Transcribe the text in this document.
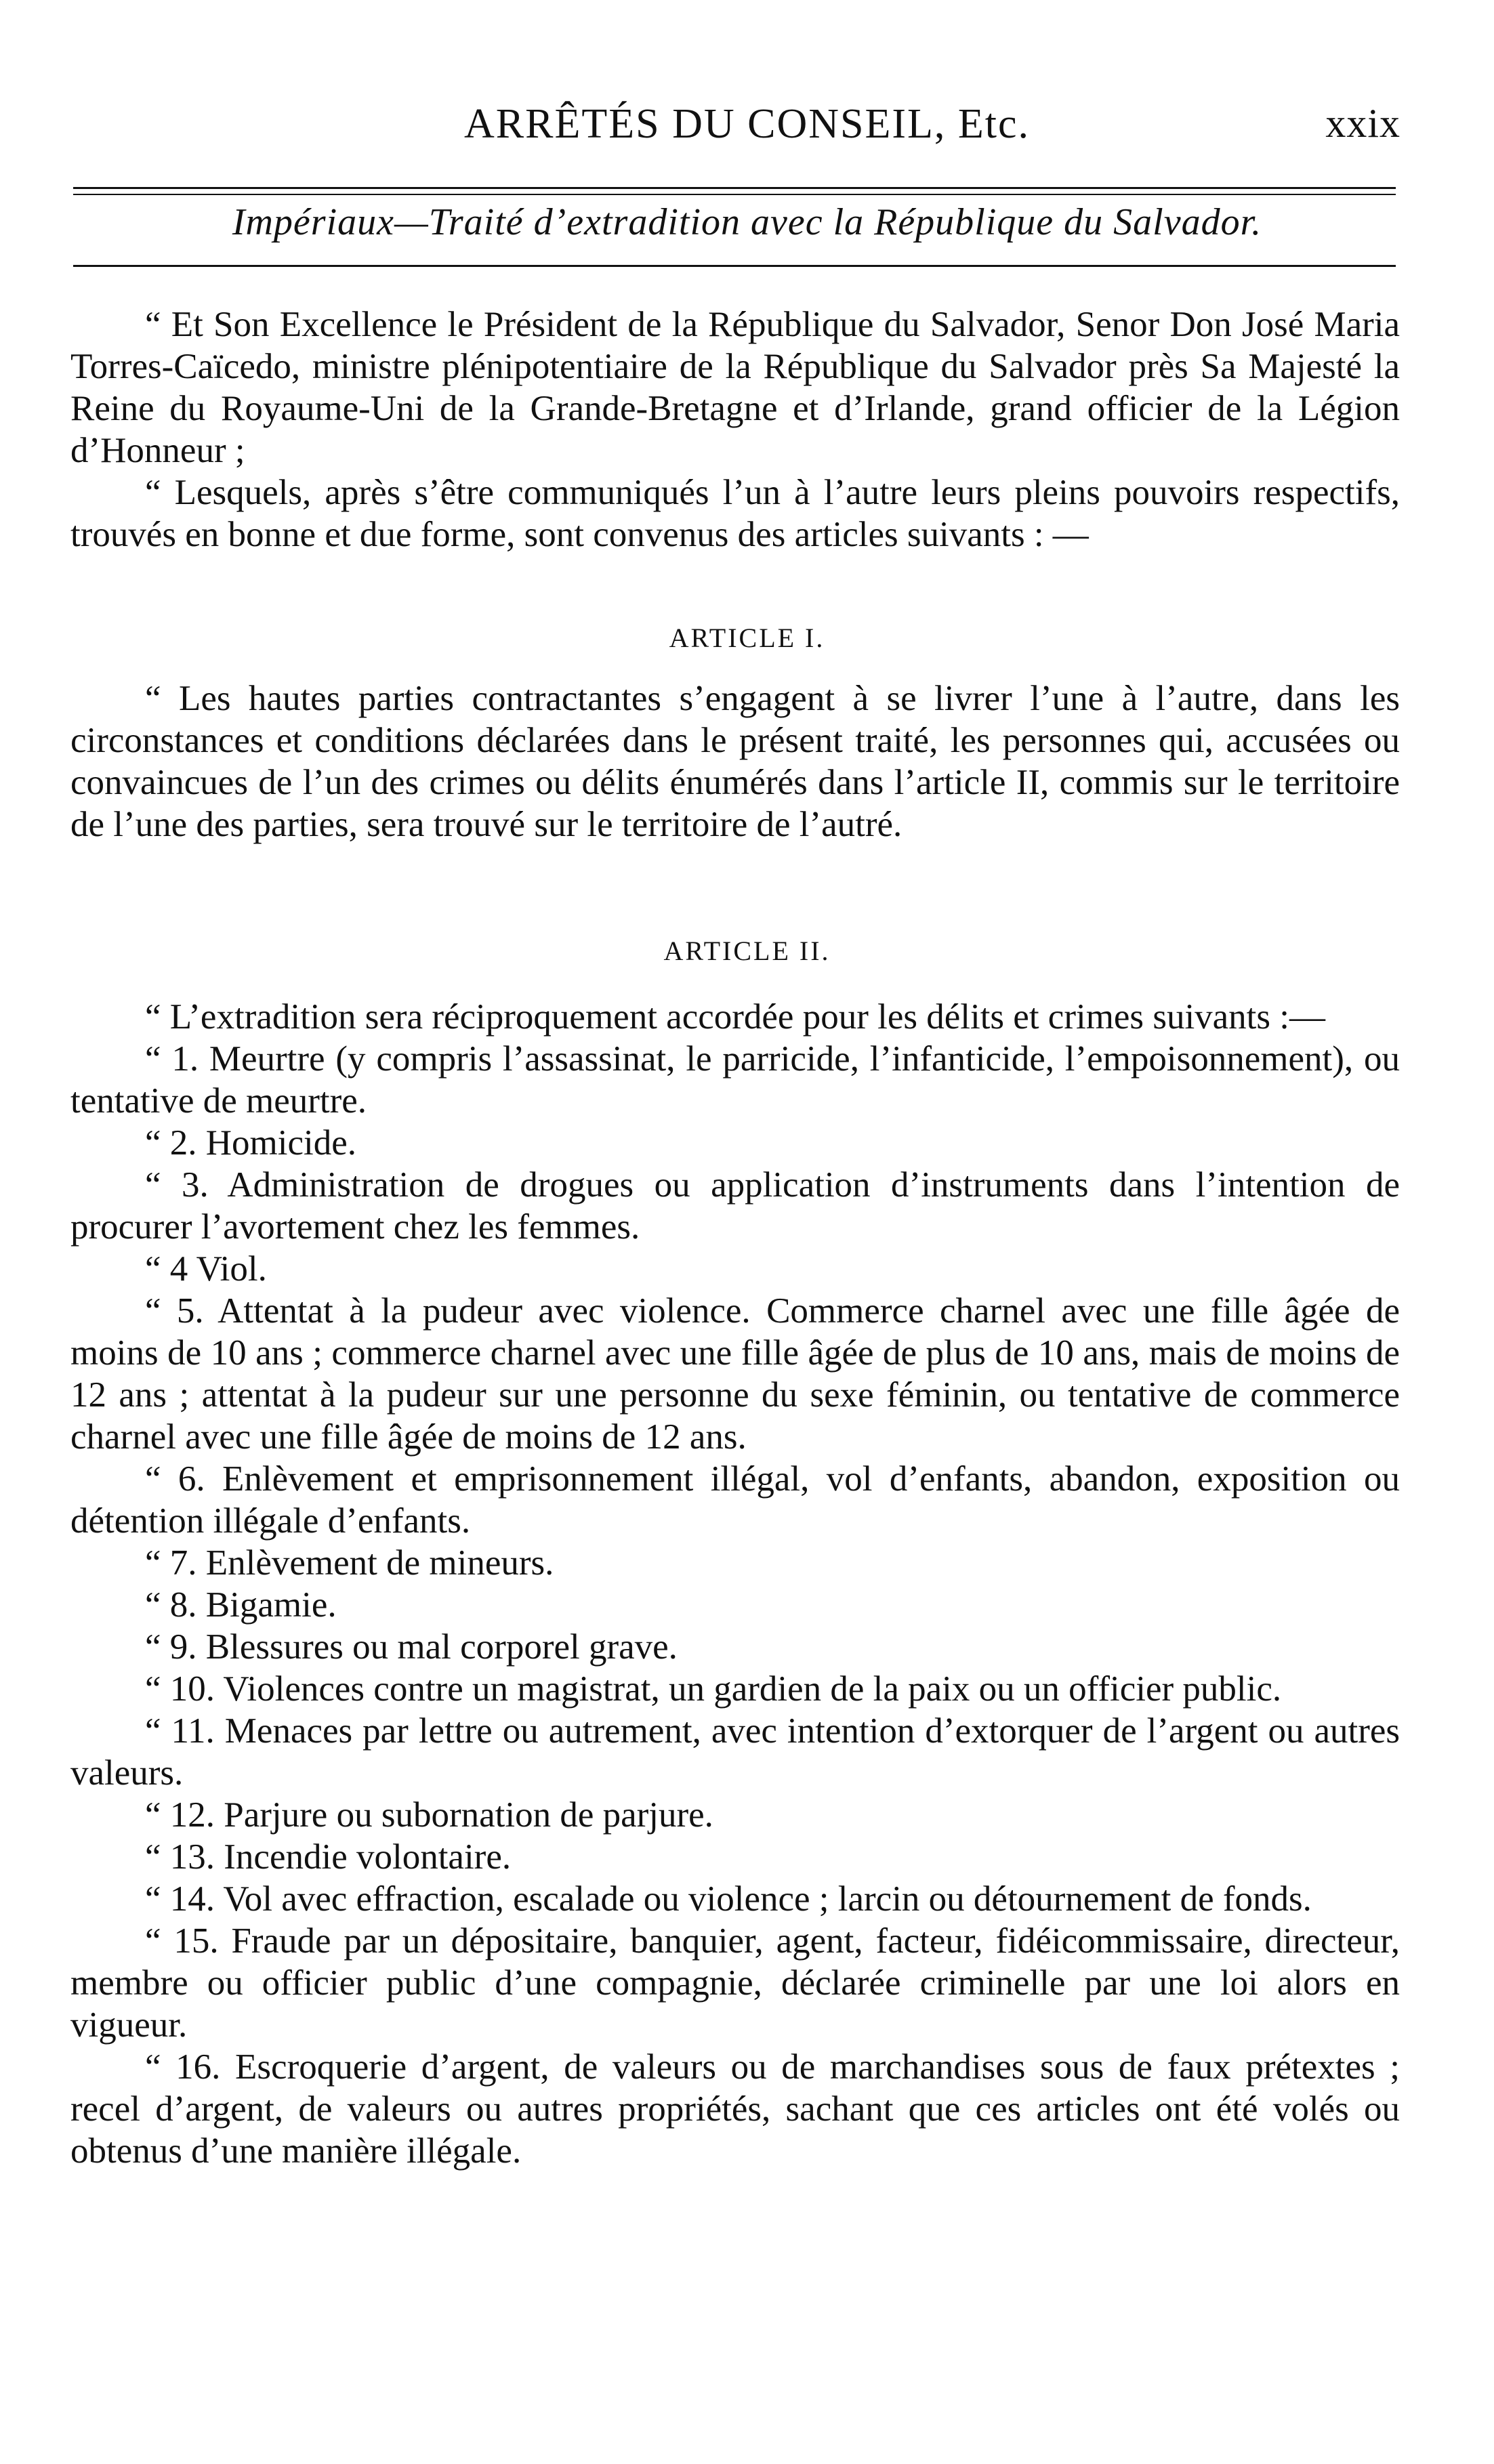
ARRÊTÉS DU CONSEIL, Etc.	xxix
Impériaux—Traité d’extradition avec la République du Salvador.

“ Et Son Excellence le Président de la République du Salvador, Senor Don José Maria Torres-Caïcedo, ministre plénipotentiaire de la République du Salvador près Sa Majesté la Reine du Royaume-Uni de la Grande-Bretagne et d’Irlande, grand officier de la Légion d’Honneur ;

“ Lesquels, après s’être communiqués l’un à l’autre leurs pleins pouvoirs respectifs, trouvés en bonne et due forme, sont convenus des articles suivants : —

ARTICLE I.

“ Les hautes parties contractantes s’engagent à se livrer l’une à l’autre, dans les circonstances et conditions déclarées dans le présent traité, les personnes qui, accusées ou convaincues de l’un des crimes ou délits énumérés dans l’article II, commis sur le territoire de l’une des parties, sera trouvé sur le territoire de l’autré.

ARTICLE II.

“ L’extradition sera réciproquement accordée pour les délits et crimes suivants :—

“ 1. Meurtre (y compris l’assassinat, le parricide, l’infanticide, l’empoisonnement), ou tentative de meurtre.

“ 2. Homicide.

“ 3. Administration de drogues ou application d’instruments dans l’intention de procurer l’avortement chez les femmes.

“ 4 Viol.

“ 5. Attentat à la pudeur avec violence. Commerce charnel avec une fille âgée de moins de 10 ans ; commerce charnel avec une fille âgée de plus de 10 ans, mais de moins de 12 ans ; attentat à la pudeur sur une personne du sexe féminin, ou tentative de commerce charnel avec une fille âgée de moins de 12 ans.

“ 6. Enlèvement et emprisonnement illégal, vol d’enfants, abandon, exposition ou détention illégale d’enfants.

“ 7. Enlèvement de mineurs.

“ 8. Bigamie.

“ 9. Blessures ou mal corporel grave.

“ 10. Violences contre un magistrat, un gardien de la paix ou un officier public.

“ 11. Menaces par lettre ou autrement, avec intention d’extorquer de l’argent ou autres valeurs.

“ 12. Parjure ou subornation de parjure.

“ 13. Incendie volontaire.

“ 14. Vol avec effraction, escalade ou violence ; larcin ou détournement de fonds.

“ 15. Fraude par un dépositaire, banquier, agent, facteur, fidéicommissaire, directeur, membre ou officier public d’une compagnie, déclarée criminelle par une loi alors en vigueur.

“ 16. Escroquerie d’argent, de valeurs ou de marchandises sous de faux prétextes ; recel d’argent, de valeurs ou autres propriétés, sachant que ces articles ont été volés ou obtenus d’une manière illégale.
